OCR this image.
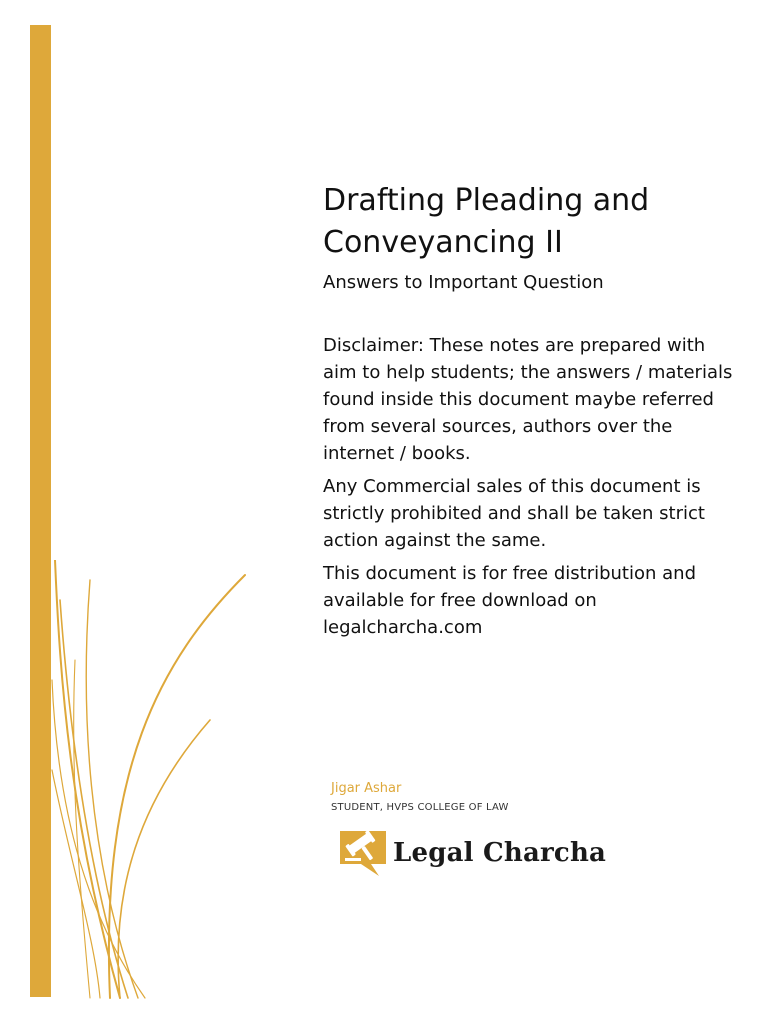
Drafting Pleading and
Conveyancing II

Answers to Important Question

Disclaimer: These notes are prepared with aim to help students; the answers / materials found inside this document maybe referred from several sources, authors over the internet / books.

Any Commercial sales of this document is strictly prohibited and shall be taken strict action against the same.

This document is for free distribution and available for free download on legalcharcha.com

Jigar Ashar
STUDENT, HVPS COLLEGE OF LAW
Legal Charcha
